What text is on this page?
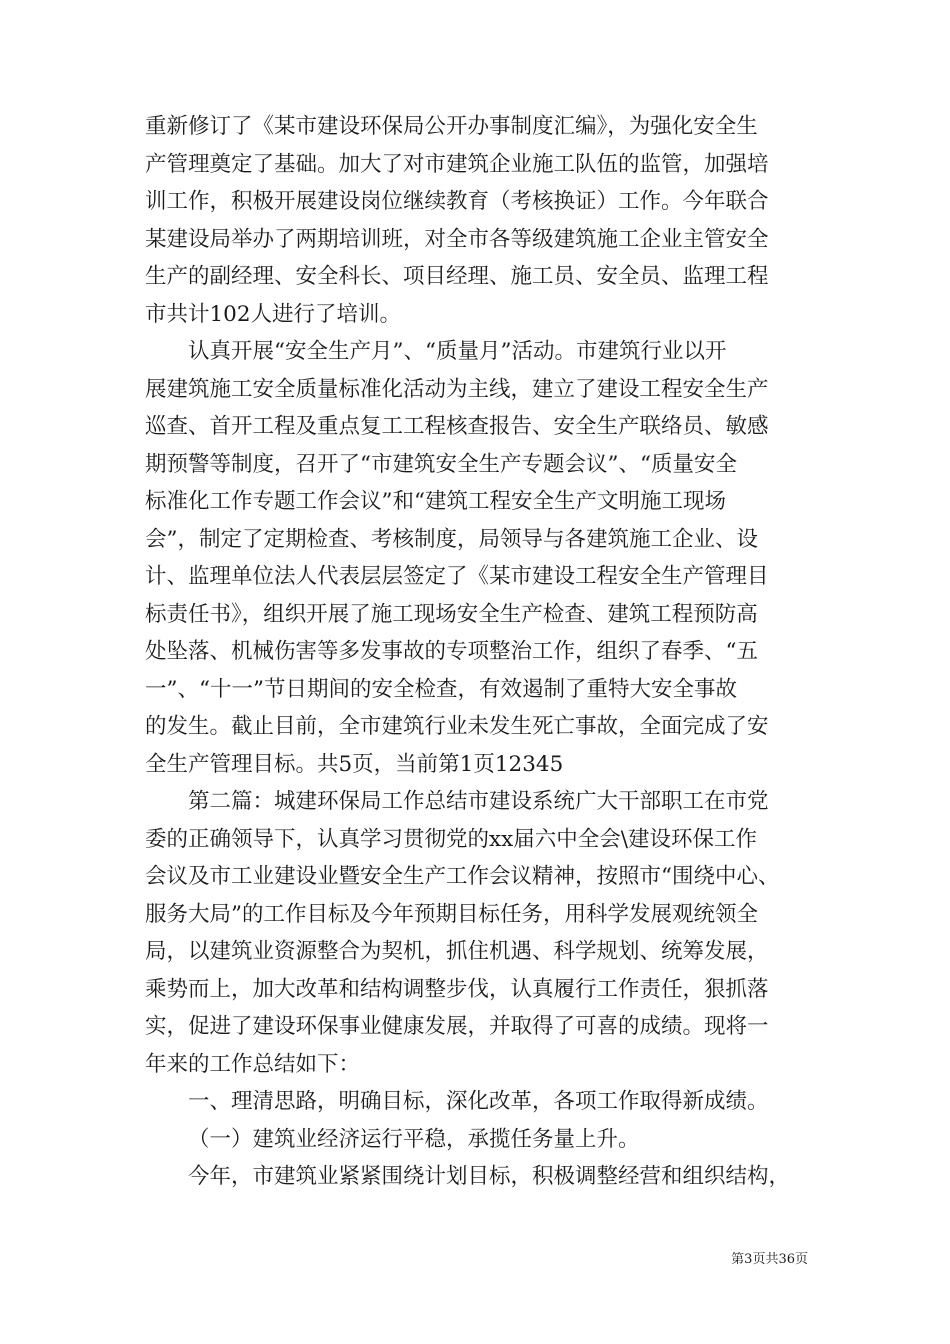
重新修订了《某市建设环保局公开办事制度汇编》，为强化安全生
产管理奠定了基础。加大了对市建筑企业施工队伍的监管，加强培
训工作，积极开展建设岗位继续教育（考核换证）工作。今年联合
某建设局举办了两期培训班，对全市各等级建筑施工企业主管安全
生产的副经理、安全科长、项目经理、施工员、安全员、监理工程
市共计102人进行了培训。

认真开展“安全生产月”、“质量月”活动。市建筑行业以开
展建筑施工安全质量标准化活动为主线，建立了建设工程安全生产
巡查、首开工程及重点复工工程核查报告、安全生产联络员、敏感
期预警等制度，召开了“市建筑安全生产专题会议”、“质量安全
标准化工作专题工作会议”和“建筑工程安全生产文明施工现场
会”，制定了定期检查、考核制度，局领导与各建筑施工企业、设
计、监理单位法人代表层层签定了《某市建设工程安全生产管理目
标责任书》，组织开展了施工现场安全生产检查、建筑工程预防高
处坠落、机械伤害等多发事故的专项整治工作，组织了春季、“五
一”、“十一”节日期间的安全检查，有效遏制了重特大安全事故
的发生。截止目前，全市建筑行业未发生死亡事故，全面完成了安
全生产管理目标。共5页，当前第1页12345

第二篇：城建环保局工作总结市建设系统广大干部职工在市党
委的正确领导下，认真学习贯彻党的xx届六中全会\建设环保工作
会议及市工业建设业暨安全生产工作会议精神，按照市“围绕中心、
服务大局”的工作目标及今年预期目标任务，用科学发展观统领全
局，以建筑业资源整合为契机，抓住机遇、科学规划、统筹发展，
乘势而上，加大改革和结构调整步伐，认真履行工作责任，狠抓落
实，促进了建设环保事业健康发展，并取得了可喜的成绩。现将一
年来的工作总结如下：

一、理清思路，明确目标，深化改革，各项工作取得新成绩。

（一）建筑业经济运行平稳，承揽任务量上升。

今年，市建筑业紧紧围绕计划目标，积极调整经营和组织结构，

第3页共36页
